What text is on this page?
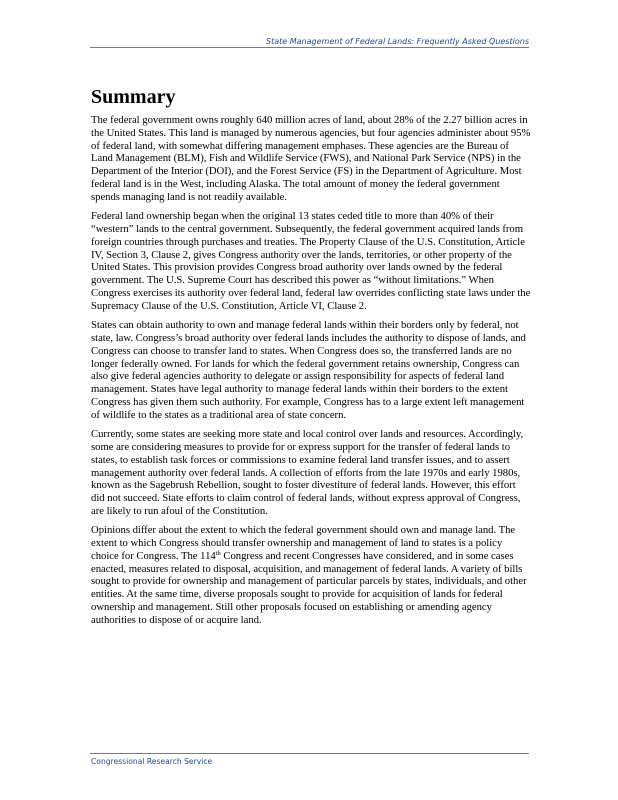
State Management of Federal Lands: Frequently Asked Questions
Summary

The federal government owns roughly 640 million acres of land, about 28% of the 2.27 billion acres in the United States. This land is managed by numerous agencies, but four agencies administer about 95% of federal land, with somewhat differing management emphases. These agencies are the Bureau of Land Management (BLM), Fish and Wildlife Service (FWS), and National Park Service (NPS) in the Department of the Interior (DOI), and the Forest Service (FS) in the Department of Agriculture. Most federal land is in the West, including Alaska. The total amount of money the federal government spends managing land is not readily available.

Federal land ownership began when the original 13 states ceded title to more than 40% of their “western” lands to the central government. Subsequently, the federal government acquired lands from foreign countries through purchases and treaties. The Property Clause of the U.S. Constitution, Article IV, Section 3, Clause 2, gives Congress authority over the lands, territories, or other property of the United States. This provision provides Congress broad authority over lands owned by the federal government. The U.S. Supreme Court has described this power as “without limitations.” When Congress exercises its authority over federal land, federal law overrides conflicting state laws under the Supremacy Clause of the U.S. Constitution, Article VI, Clause 2.

States can obtain authority to own and manage federal lands within their borders only by federal, not state, law. Congress’s broad authority over federal lands includes the authority to dispose of lands, and Congress can choose to transfer land to states. When Congress does so, the transferred lands are no longer federally owned. For lands for which the federal government retains ownership, Congress can also give federal agencies authority to delegate or assign responsibility for aspects of federal land management. States have legal authority to manage federal lands within their borders to the extent Congress has given them such authority. For example, Congress has to a large extent left management of wildlife to the states as a traditional area of state concern.

Currently, some states are seeking more state and local control over lands and resources. Accordingly, some are considering measures to provide for or express support for the transfer of federal lands to states, to establish task forces or commissions to examine federal land transfer issues, and to assert management authority over federal lands. A collection of efforts from the late 1970s and early 1980s, known as the Sagebrush Rebellion, sought to foster divestiture of federal lands. However, this effort did not succeed. State efforts to claim control of federal lands, without express approval of Congress, are likely to run afoul of the Constitution.

Opinions differ about the extent to which the federal government should own and manage land. The extent to which Congress should transfer ownership and management of land to states is a policy choice for Congress. The 114th Congress and recent Congresses have considered, and in some cases enacted, measures related to disposal, acquisition, and management of federal lands. A variety of bills sought to provide for ownership and management of particular parcels by states, individuals, and other entities. At the same time, diverse proposals sought to provide for acquisition of lands for federal ownership and management. Still other proposals focused on establishing or amending agency authorities to dispose of or acquire land.

Congressional Research Service
